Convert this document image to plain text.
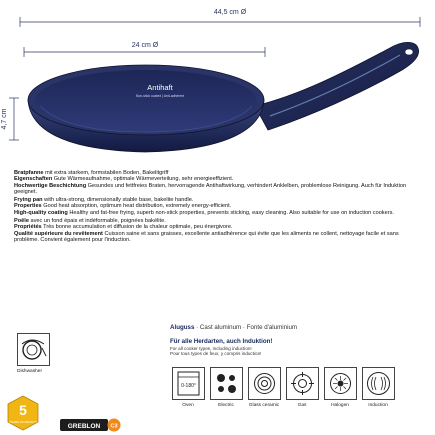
44,5 cm Ø
24 cm Ø
4,7 cm
Antihaft
Non-stick coated | Anti-adhérent

Bratpfanne mit extra starkem, formstabilen Boden, Bakelitgriff

Eigenschaften Gute Wärmeaufnahme, optimale Wärmeverteilung, sehr energieeffizient.

Hochwertige Beschichtung Gesundes und fettfreies Braten, hervorragende Antihaftwirkung, verhindert Anklelben, problemlose Reinigung. Auch für Induktion geeignet.

Frying pan with ultra-strong, dimensionally stable base, bakelite handle.

Properties Good heat absorption, optimum heat distribution, extremely energy-efficient.

High-quality coating Healthy and fat-free frying, superb non-stick properties, prevents sticking, easy cleaning. Also suitable for use on induction cookers.

Poêle avec un fond épais et indéformable, poignées bakélite.

Propriétés Très bonne accumulation et diffusion de la chaleur optimale, peu énergivore.

Qualité supérieure du revêtement Cuisson saine et sans graisses, excellente antiadhérence qui évite que les aliments ne collent, nettoyage facile et sans problème. Convient également pour l'induction.

Aluguss · Cast aluminum · Fonte d'aluminium
Für alle Herdarten, auch Induktion!
For all cooker types, including induction!
Pour tous types de feux, y compris induction!
0-180°
Oven	Electric	Glass ceramic	Gas	Halogen	Induction
Dishwasher
5
YEARS WARRANTY
GREBLON C3
